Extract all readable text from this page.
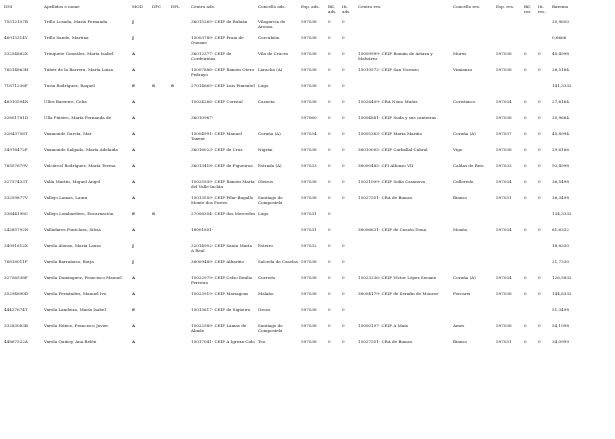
DNI	Apellidos e nome	MOD	DPC	DPL	Centro ads.	Concello ads.	Esp. ads.	Bil. ads.	Iti. ads.	Centro res.	Concello res.	Esp. res.	Bil. res.	Iti. res.	Baremo
75512107B	Trillo Losada, Maria Fernanda	J			36015265- CEIP de Rubián	Vilagarcía de Arousa	597038	0	0						20,9650
46915314Y	Trillo Sande, Martina	J			15003789- CEIP Praia de Quenxe	Corcubión	597038	0	0						0,6666
33254882X	Trinquete González, Maria Isabel	A			36012377- CEIP de Cordeiriñas	Vila de Cruces	597038	0	0	15009999- CEIP Román de Artaza y Malvárez	Muros	597038	0	0	40,4998
76514863H	Túñez de la Barrera, María Luisa	A			15007886- CEIP Ramón Otero Pedrayo	Laracha (A)	597038	0	0	15019572- CEIP San Vicenzo	Vimianzo	597038	0	0	28,5164
71871236F	Turia Rodríguez, Raquel	E	S	S	27014665- CEIP Luis Pimentel	Lugo	597038	0	0						141,3332
46910594N	Ullos Barreiro, Celia	A			15024266- CEIP Coristal	Carnota	597038	0	0	15026409- CRA Nono Muñiz	Coristanco	597034	0	0	27,6164
32801781D	Ulla Piñeiro, María Fernanda de	A			36010967-		597060	0	0	15004881- CEIP Suda y sus canteiras		597038	0	0	20,9664
32843756T	Vaamonde García, Mar	A			15004991- CEIP Manuel Taxent	Coruña (A)	597034	0	0	15005363- CEIP Maria Mariño	Coruña (A)	597037	0	0	45,8994
34976472F	Vaamonde Salgado, María Adelaida	A			36016023- CEIP de Cruz	Nigrán	597038	0	0	36010005- CEIP Carballal-Cabral	Vigo	597038	0	0	29,6166
76557679V	Valcárcel Rodríguez, María Teresa	A			36013418- CEIP de Figueiroa	Estrada (A)	597033	0	0	36000485- CPI Alfonso VII	Caldas de Reis	597033	0	0	92,4998
32757433T	Valín Martín, Miguel Ángel	A			15025939- CEIP Ramón María del Valle-Inclán	Oleiros	597038	0	0	15021009- CEIP Sofía Casanova	Culleredo	597034	0	0	36,5498
33259877V	Vallejo Lamas, Laura	A			15013559- CEIP Pílar-Bugallo Monte dos Postes	Santiago de Compostela	597038	0	0	15027551- CRA de Bianso	Bianso	597031	0	0	36,3498
33844198C	Vallejo Lombardero, Encarnación	E	S		27006354- CEIP dos Mercedes	Lugo	597031	0							134,3332
24285792N	Valladares Fontclara, Silvia	A			18001801-		597031	0		36006631- CEIP de Cusión Dona	Moaño	597034	0	0	61,6332
34991612X	Varela Alonso, María Laura	J			32014902- CEIP Santa María A Real	Esteiro	597032	0	0						18,8330
76816011F	Varela Barrañuso, Borja	J			36009489- CEIP Albariño	Salceda de Caselas	597038	0	0						21,7330
32756538F	Varela Domínguez, Francisco Manuel	A			15022979- CEIP Celso Emilio Ferreiro	Curredo	597038	0	0	15023236- CEIP Víctor López Seoane	Coruña (A)	597034	0	0	126,5832
35294890D	Varela Fernández, Manuel Ivo	A			15023919- CEIP Mariagoas	Malaño	597038	0	0	36004179- CEIP de Serafín de Monroe	Forcarei	597038	0	0	144,8332
44427674T	Varela Landeira, María Isabel	E			15015617- CEIP de Sigüeiro	Oroso	597038	0	0						51,3498
33283083B	Varela Núñez, Francisco Javier	A			15022589- CEIP Lamas de Abade	Santiago de Compostela	597038	0	0	15000107- CEIP A Maía	Ames	597038	0	0	54,1998
44867522A	Varela Quiñoy, Ana Belén	A			15017041- CEIP A Igrexa-Calo	Teo	597038	0	0	15027551- CRA de Bianso	Bianso	597031	0	0	34,0999
